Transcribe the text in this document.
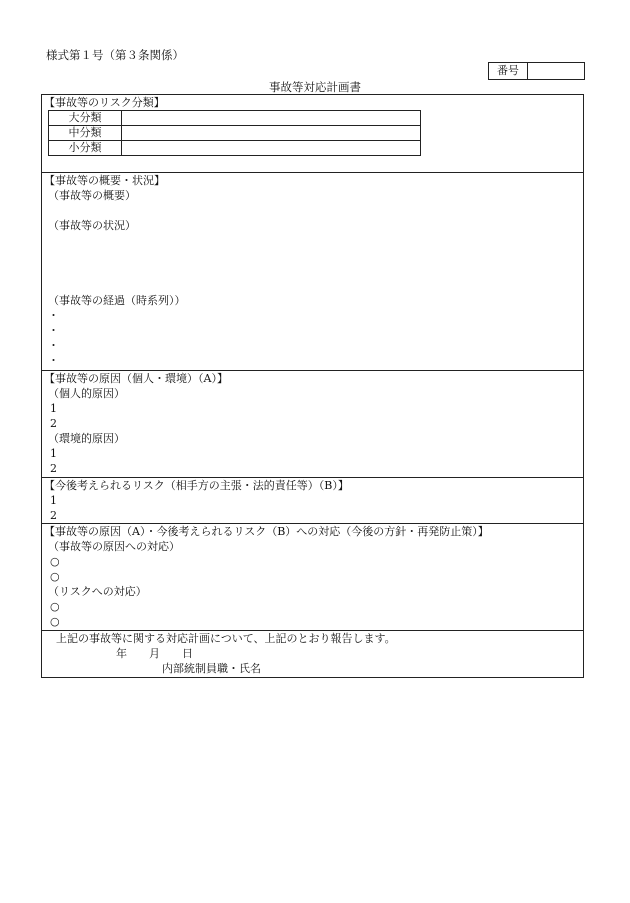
様式第１号（第３条関係）
番号
事故等対応計画書
【事故等のリスク分類】
大分類	
中分類	
小分類	
【事故等の概要・状況】
（事故等の概要）
（事故等の状況）
（事故等の経過（時系列））
・
・
・
・
【事故等の原因（個人・環境）（A）】
（個人的原因）
1
2
（環境的原因）
1
2
【今後考えられるリスク（相手方の主張・法的責任等）（B）】
1
2
【事故等の原因（A）・今後考えられるリスク（B）への対応（今後の方針・再発防止策）】
（事故等の原因への対応）
○
○
（リスクへの対応）
○
○
上記の事故等に関する対応計画について、上記のとおり報告します。
年　　月　　日
内部統制員職・氏名
